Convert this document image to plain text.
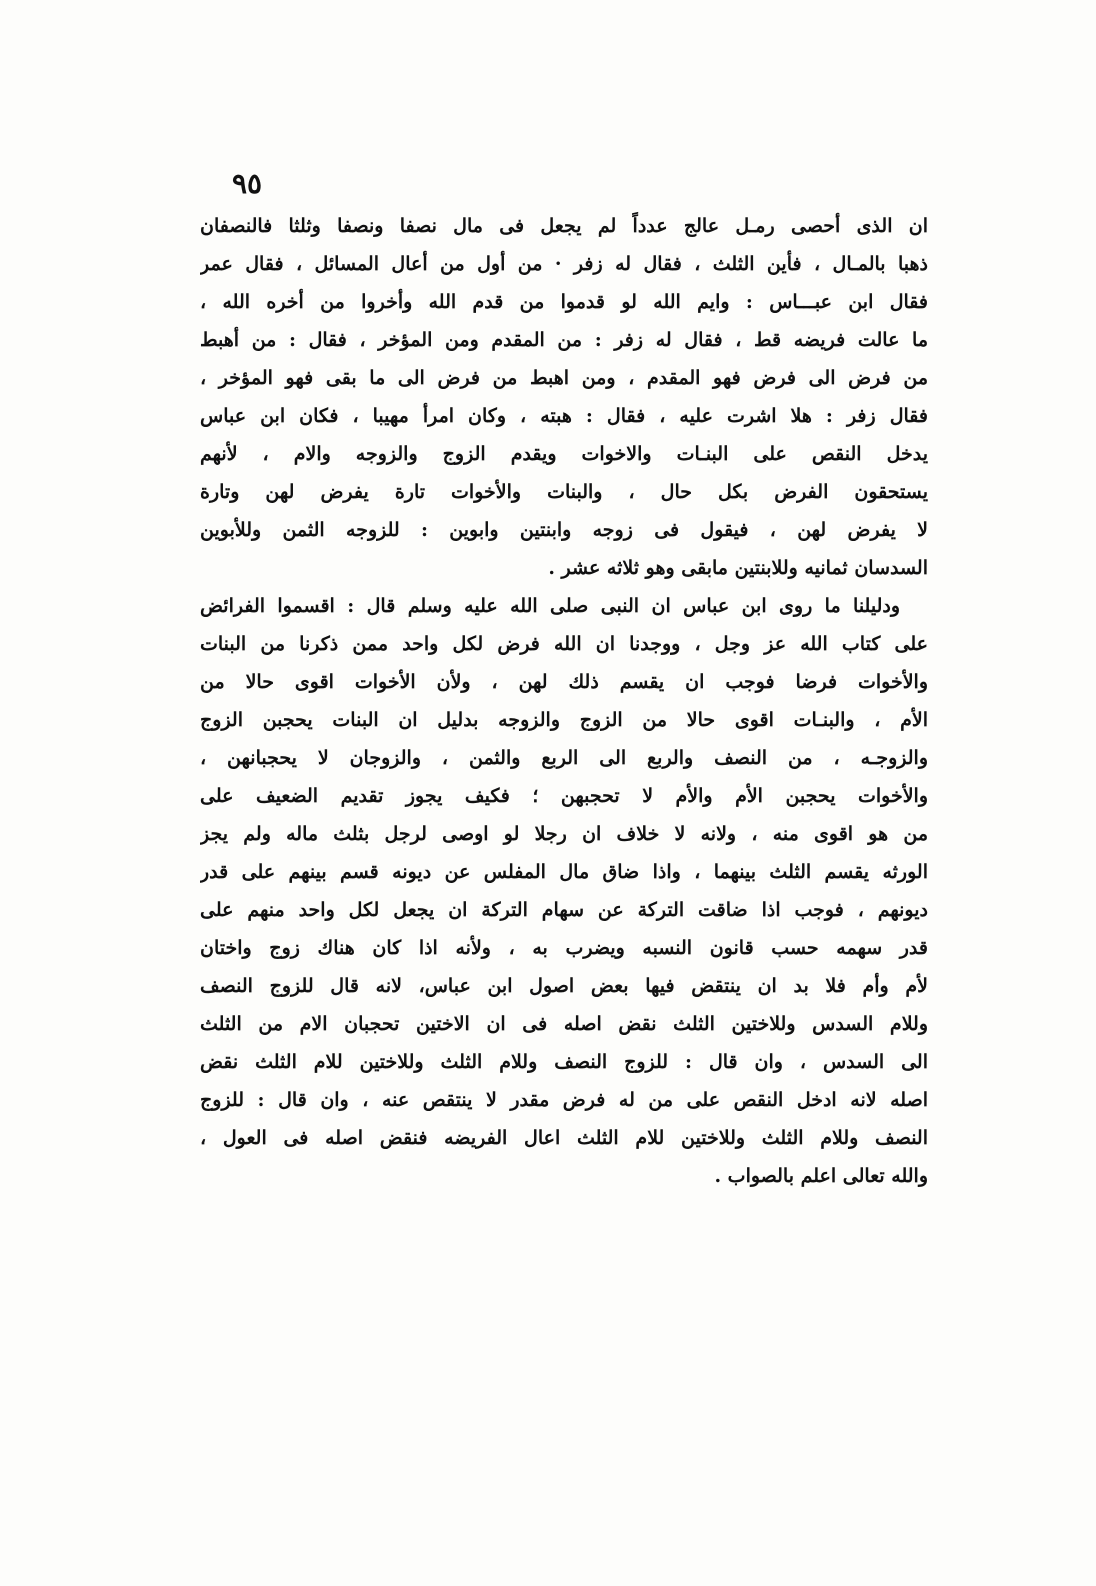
٩٥
ان الذى أحصى رمـل عالج عدداً لم يجعل فى مال نصفا ونصفا وثلثا فالنصفان
ذهبا بالمـال ، فأين الثلث ، فقال له زفر · من أول من أعال المسائل ، فقال عمر
فقال ابن عبـــاس : وايم الله لو قدموا من قدم الله وأخروا من أخره الله ،
ما عالت فريضه قط ، فقال له زفر : من المقدم ومن المؤخر ، فقال : من أهبط
من فرض الى فرض فهو المقدم ، ومن اهبط من فرض الى ما بقى فهو المؤخر ،
فقال زفر : هلا اشرت عليه ، فقال : هبته ، وكان امرأ مهيبا ، فكان ابن عباس
يدخل النقص على البنـات والاخوات ويقدم الزوج والزوجه والام ، لأنهم
يستحقون الفرض بكل حال ، والبنات والأخوات تارة يفرض لهن وتارة
لا يفرض لهن ، فيقول فى زوجه وابنتين وابوين : للزوجه الثمن وللأبوين
السدسان ثمانيه وللابنتين مابقى وهو ثلاثه عشر .
ودليلنا ما روى ابن عباس ان النبى صلى الله عليه وسلم قال : اقسموا الفرائض
على كتاب الله عز وجل ، ووجدنا ان الله فرض لكل واحد ممن ذكرنا من البنات
والأخوات فرضا فوجب ان يقسم ذلك لهن ، ولأن الأخوات اقوى حالا من
الأم ، والبنـات اقوى حالا من الزوج والزوجه بدليل ان البنات يحجبن الزوج
والزوجـه ، من النصف والربع الى الربع والثمن ، والزوجان لا يحجبانهن ،
والأخوات يحجبن الأم والأم لا تحجبهن ؛ فكيف يجوز تقديم الضعيف على
من هو اقوى منه ، ولانه لا خلاف ان رجلا لو اوصى لرجل بثلث ماله ولم يجز
الورثه يقسم الثلث بينهما ، واذا ضاق مال المفلس عن ديونه قسم بينهم على قدر
ديونهم ، فوجب اذا ضاقت التركة عن سهام التركة ان يجعل لكل واحد منهم على
قدر سهمه حسب قانون النسبه ويضرب به ، ولأنه اذا كان هناك زوج واختان
لأم وأم فلا بد ان ينتقض فيها بعض اصول ابن عباس، لانه قال للزوج النصف
وللام السدس وللاختين الثلث نقض اصله فى ان الاختين تحجبان الام من الثلث
الى السدس ، وان قال : للزوج النصف وللام الثلث وللاختين للام الثلث نقض
اصله لانه ادخل النقص على من له فرض مقدر لا ينتقص عنه ، وان قال : للزوج
النصف وللام الثلث وللاختين للام الثلث اعال الفريضه فنقض اصله فى العول ،
والله تعالى اعلم بالصواب .
